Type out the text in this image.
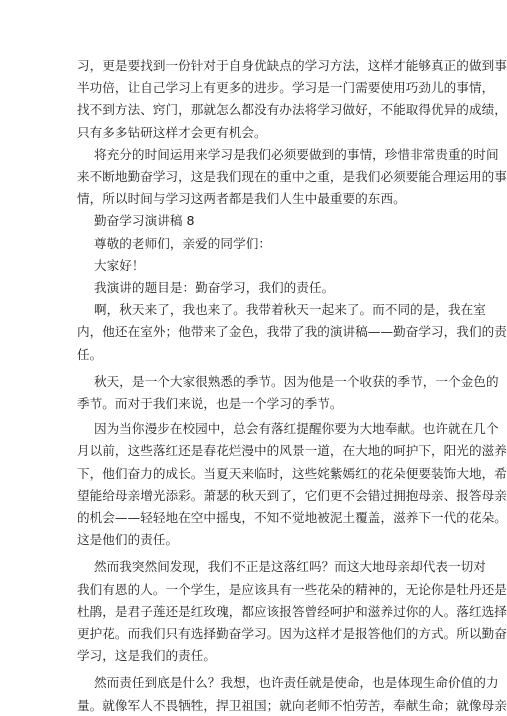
习，更是要找到一份针对于自身优缺点的学习方法，这样才能够真正的做到事
半功倍，让自己学习上有更多的进步。学习是一门需要使用巧劲儿的事情，
找不到方法、窍门，那就怎么都没有办法将学习做好，不能取得优异的成绩，
只有多多钻研这样才会更有机会。
将充分的时间运用来学习是我们必须要做到的事情，珍惜非常贵重的时间
来不断地勤奋学习，这是我们现在的重中之重，是我们必须要能合理运用的事
情，所以时间与学习这两者都是我们人生中最重要的东西。
勤奋学习演讲稿 8
尊敬的老师们，亲爱的同学们：
大家好！
我演讲的题目是：勤奋学习，我们的责任。
啊，秋天来了，我也来了。我带着秋天一起来了。而不同的是，我在室
内，他还在室外；他带来了金色，我带了我的演讲稿——勤奋学习，我们的责
任。
秋天，是一个大家很熟悉的季节。因为他是一个收获的季节，一个金色的
季节。而对于我们来说，也是一个学习的季节。
因为当你漫步在校园中，总会有落红提醒你要为大地奉献。也许就在几个
月以前，这些落红还是春花烂漫中的风景一道，在大地的呵护下，阳光的滋养
下，他们奋力的成长。当夏天来临时，这些姹紫嫣红的花朵便要装饰大地，希
望能给母亲增光添彩。萧瑟的秋天到了，它们更不会错过拥抱母亲、报答母亲
的机会——轻轻地在空中摇曳，不知不觉地被泥土覆盖，滋养下一代的花朵。
这是他们的责任。
然而我突然间发现，我们不正是这落红吗？而这大地母亲却代表一切对
我们有恩的人。一个学生，是应该具有一些花朵的精神的，无论你是牡丹还是
杜鹃，是君子莲还是红玫瑰，都应该报答曾经呵护和滋养过你的人。落红选择
更护花。而我们只有选择勤奋学习。因为这样才是报答他们的方式。所以勤奋
学习，这是我们的责任。
然而责任到底是什么？我想，也许责任就是使命，也是体现生命价值的力
量。就像军人不畏牺牲，捍卫祖国；就向老师不怕劳苦，奉献生命；就像母亲
